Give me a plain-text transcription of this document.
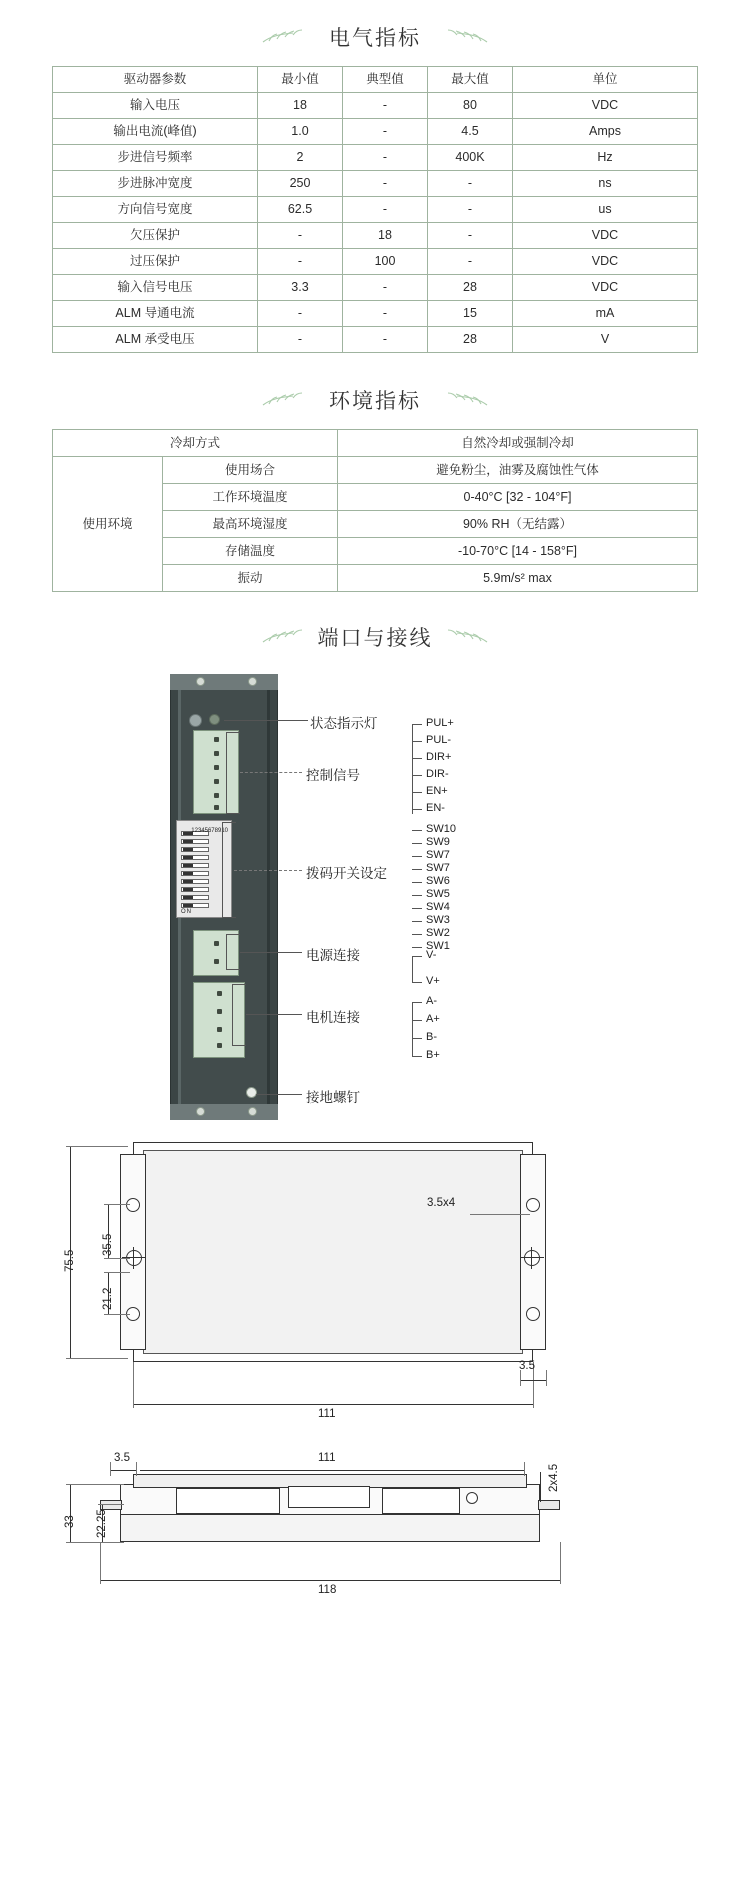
电气指标
驱动器参数	最小值	典型值	最大值	单位
输入电压	18	-	80	VDC
输出电流(峰值)	1.0	-	4.5	Amps
步进信号频率	2	-	400K	Hz
步进脉冲宽度	250	-	-	ns
方向信号宽度	62.5	-	-	us
欠压保护	-	18	-	VDC
过压保护	-	100	-	VDC
输入信号电压	3.3	-	28	VDC
ALM 导通电流	-	-	15	mA
ALM 承受电压	-	-	28	V
环境指标
冷却方式		自然冷却或强制冷却
使用环境	使用场合	避免粉尘，油雾及腐蚀性气体
	工作环境温度	0-40°C [32 - 104°F]
	最高环境湿度	90% RH（无结露）
	存储温度	-10-70°C [14 - 158°F]
	振动	5.9m/s² max
端口与接线
12345678910
ON
状态指示灯
控制信号
拨码开关设定
电源连接
电机连接
接地螺钉
PUL+
PUL-
DIR+
DIR-
EN+
EN-
SW10
SW9
SW7
SW7
SW6
SW5
SW4
SW3
SW2
SW1
V-
V+
A-
A+
B-
B+
3.5x4
75.5
35.5
21.2
111
3.5
3.5	111
2x4.5
33 22.25
118
